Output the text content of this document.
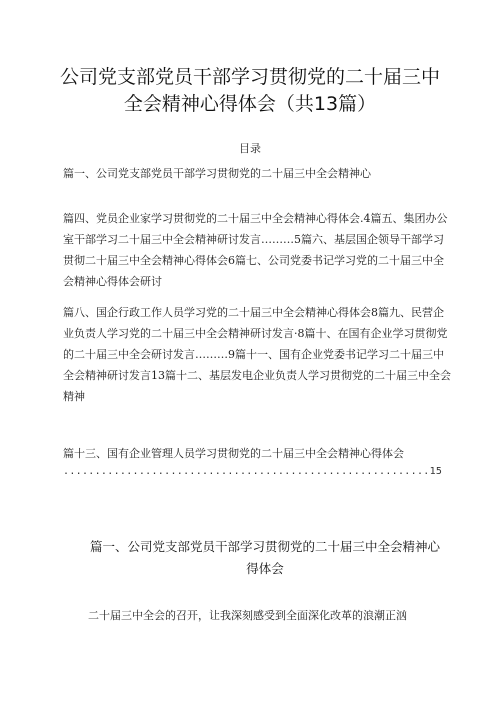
公司党支部党员干部学习贯彻党的二十届三中
全会精神心得体会（共13篇）
目录
篇一、公司党支部党员干部学习贯彻党的二十届三中全会精神心
篇四、党员企业家学习贯彻党的二十届三中全会精神心得体会.4篇五、集团办公室干部学习二十届三中全会精神研讨发言………5篇六、基层国企领导干部学习贯彻二十届三中全会精神心得体会6篇七、公司党委书记学习党的二十届三中全会精神心得体会研讨
篇八、国企行政工作人员学习党的二十届三中全会精神心得体会8篇九、民营企业负责人学习党的二十届三中全会精神研讨发言·8篇十、在国有企业学习贯彻党的二十届三中全会研讨发言………9篇十一、国有企业党委书记学习二十届三中全会精神研讨发言13篇十二、基层发电企业负责人学习贯彻党的二十届三中全会精神
篇十三、国有企业管理人员学习贯彻党的二十届三中全会精神心得体会
..........................................................15
篇一、公司党支部党员干部学习贯彻党的二十届三中全会精神心
得体会
二十届三中全会的召开，让我深刻感受到全面深化改革的浪潮正汹
